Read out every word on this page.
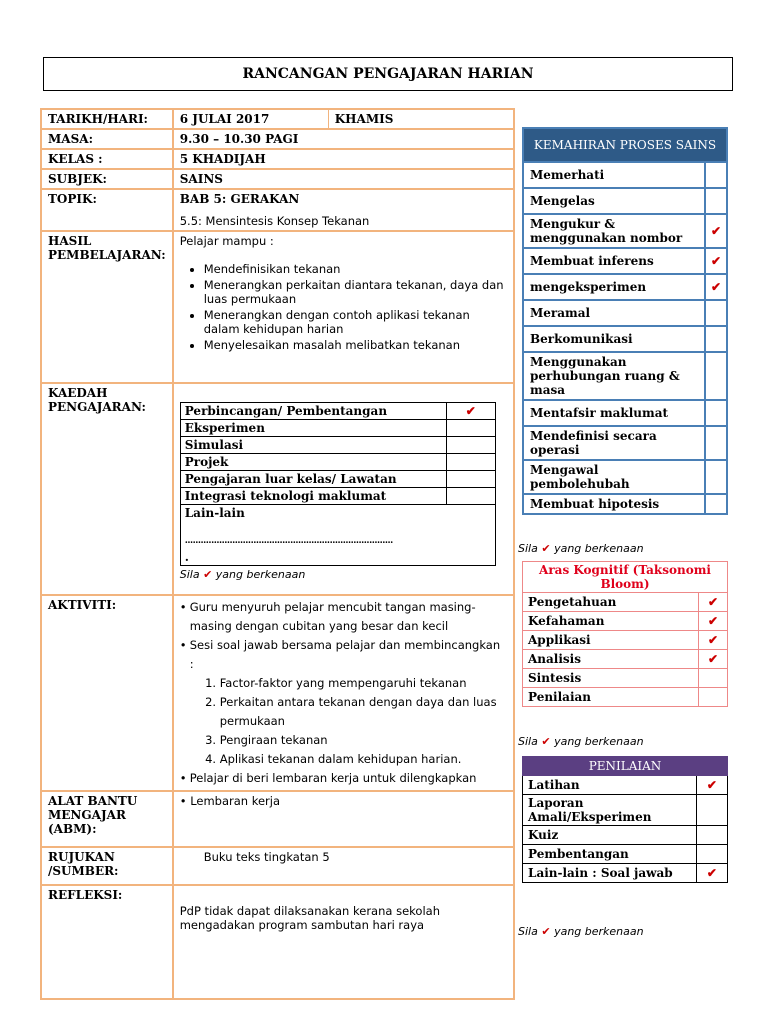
RANCANGAN PENGAJARAN HARIAN
TARIKH/HARI:	6 JULAI 2017	KHAMIS

MASA:	9.30 – 10.30 PAGI
KELAS :	5 KHADIJAH
SUBJEK:	SAINS
TOPIK:	BAB 5: GERAKAN
5.5: Mensintesis Konsep Tekanan

HASIL PEMBELAJARAN:	
Pelajar mampu :
• Mendefinisikan tekanan
• Menerangkan perkaitan diantara tekanan, daya dan luas permukaan
• Menerangkan dengan contoh aplikasi tekanan dalam kehidupan harian
• Menyelesaikan masalah melibatkan tekanan

KAEDAH PENGAJARAN:		Perbincangan/ Pembentangan	✔
Eksperimen	
Simulasi	
Projek	
Pengajaran luar kelas/ Lawatan	
Integrasi teknologi maklumat	

Lain-lain
...............................................................................
.
Sila ✔ yang berkenaan

AKTIVITI:	• Guru menyuruh pelajar mencubit tangan masing-masing dengan cubitan yang besar dan kecil
• Sesi soal jawab bersama pelajar dan membincangkan :
1. Factor-faktor yang mempengaruhi tekanan
2. Perkaitan antara tekanan dengan daya dan luas permukaan
3. Pengiraan tekanan
4. Aplikasi tekanan dalam kehidupan harian.
• Pelajar di beri lembaran kerja untuk dilengkapkan

ALAT BANTU MENGAJAR (ABM):	• Lembaran kerja
RUJUKAN /SUMBER:	Buku teks tingkatan 5
REFLEKSI:	
PdP tidak dapat dilaksanakan kerana sekolah mengadakan program sambutan hari raya
KEMAHIRAN PROSES SAINS	
Memerhati	
Mengelas	
Mengukur & menggunakan nombor	✔
Membuat inferens	✔
mengeksperimen	✔
Meramal	
Berkomunikasi	
Menggunakan perhubungan ruang & masa	
Mentafsir maklumat	
Mendefinisi secara operasi	
Mengawal pembolehubah	
Membuat hipotesis	
Sila ✔ yang berkenaan
Aras Kognitif (Taksonomi Bloom)	
Pengetahuan	✔
Kefahaman	✔
Applikasi	✔
Analisis	✔
Sintesis	
Penilaian	
Sila ✔ yang berkenaan
PENILAIAN	
Latihan	✔
Laporan Amali/Eksperimen	
Kuiz	
Pembentangan	
Lain-lain : Soal jawab	✔
Sila ✔ yang berkenaan
